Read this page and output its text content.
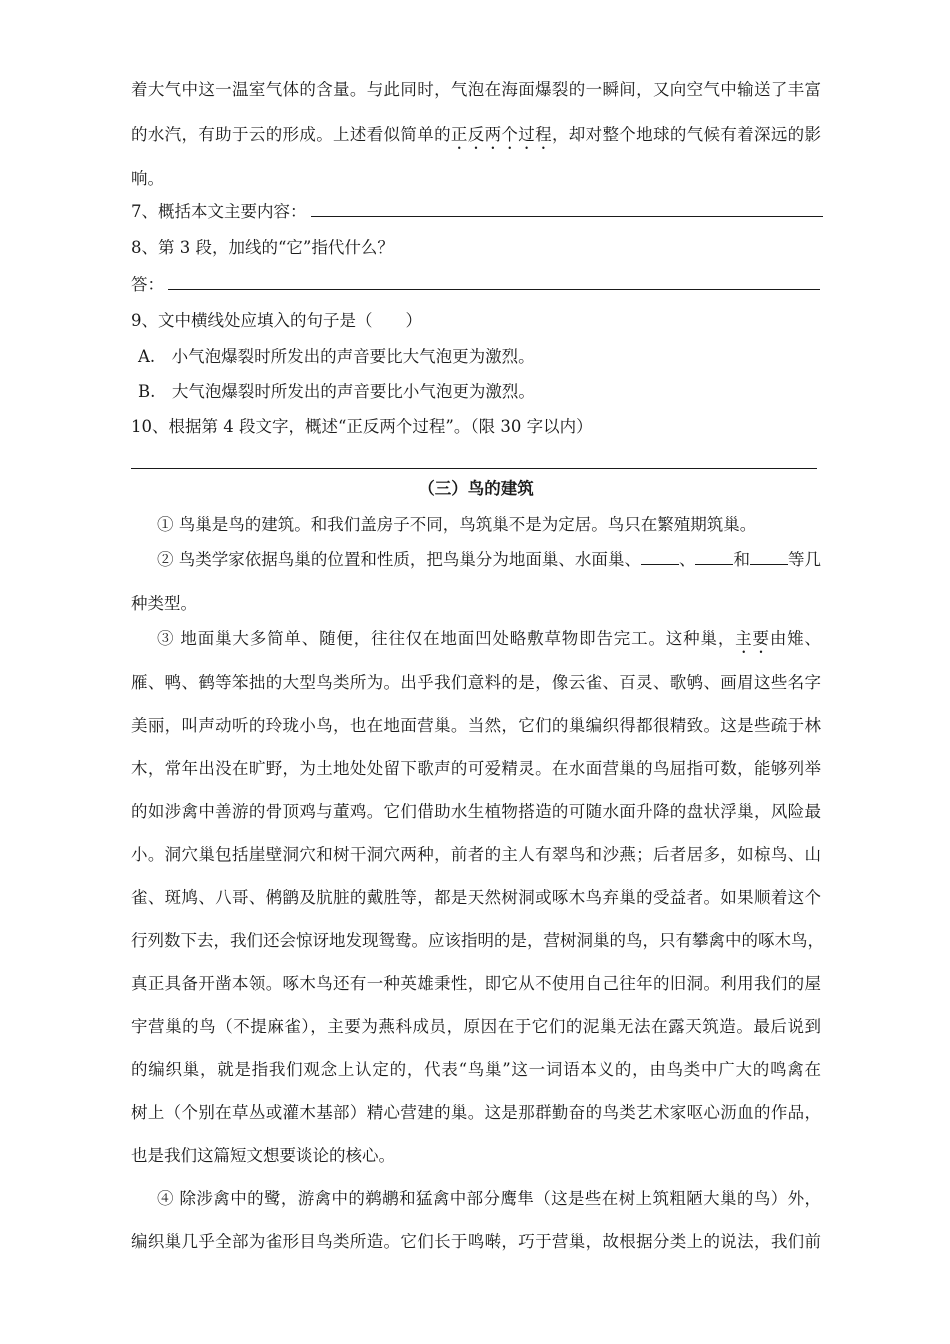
着大气中这一温室气体的含量。与此同时，气泡在海面爆裂的一瞬间，又向空气中输送了丰富
的水汽，有助于云的形成。上述看似简单的正反两个过程，却对整个地球的气候有着深远的影
响。
7、概括本文主要内容：
8、第 3 段，加线的“它”指代什么？
答：
9、文中横线处应填入的句子是（　　）
A.　小气泡爆裂时所发出的声音要比大气泡更为激烈。
B.　大气泡爆裂时所发出的声音要比小气泡更为激烈。
10、根据第 4 段文字，概述“正反两个过程”。（限 30 字以内）
（三）鸟的建筑
① 鸟巢是鸟的建筑。和我们盖房子不同，鸟筑巢不是为定居。鸟只在繁殖期筑巢。
② 鸟类学家依据鸟巢的位置和性质，把鸟巢分为地面巢、水面巢、 、 和 等几
种类型。
③ 地面巢大多简单、随便，往往仅在地面凹处略敷草物即告完工。这种巢，主要由雉、
雁、鸭、鹤等笨拙的大型鸟类所为。出乎我们意料的是，像云雀、百灵、歌鸲、画眉这些名字
美丽，叫声动听的玲珑小鸟，也在地面营巢。当然，它们的巢编织得都很精致。这是些疏于林
木，常年出没在旷野，为土地处处留下歌声的可爱精灵。在水面营巢的鸟屈指可数，能够列举
的如涉禽中善游的骨顶鸡与董鸡。它们借助水生植物搭造的可随水面升降的盘状浮巢，风险最
小。洞穴巢包括崖壁洞穴和树干洞穴两种，前者的主人有翠鸟和沙燕；后者居多，如椋鸟、山
雀、斑鸠、八哥、鸺鹠及肮脏的戴胜等，都是天然树洞或啄木鸟弃巢的受益者。如果顺着这个
行列数下去，我们还会惊讶地发现鸳鸯。应该指明的是，营树洞巢的鸟，只有攀禽中的啄木鸟，
真正具备开凿本领。啄木鸟还有一种英雄秉性，即它从不使用自己往年的旧洞。利用我们的屋
宇营巢的鸟（不提麻雀），主要为燕科成员，原因在于它们的泥巢无法在露天筑造。最后说到
的编织巢，就是指我们观念上认定的，代表“鸟巢”这一词语本义的，由鸟类中广大的鸣禽在
树上（个别在草丛或灌木基部）精心营建的巢。这是那群勤奋的鸟类艺术家呕心沥血的作品，
也是我们这篇短文想要谈论的核心。
④ 除涉禽中的鹭，游禽中的鹈鹕和猛禽中部分鹰隼（这是些在树上筑粗陋大巢的鸟）外，
编织巢几乎全部为雀形目鸟类所造。它们长于鸣啭，巧于营巢，故根据分类上的说法，我们前
